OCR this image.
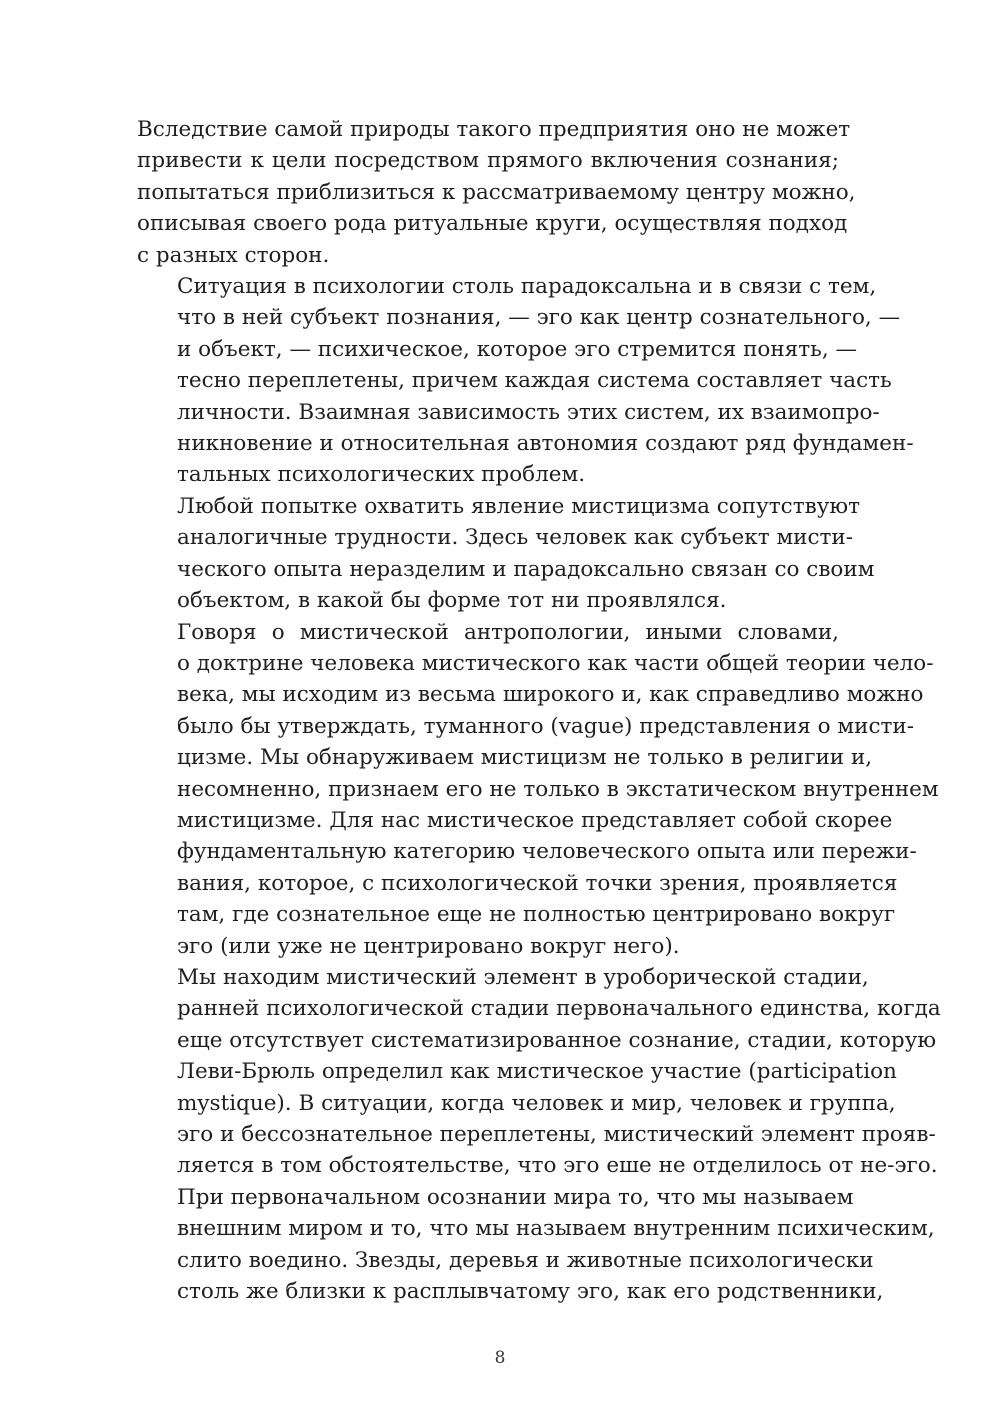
Вследствие самой природы такого предприятия оно не может
привести к цели посредством прямого включения сознания;
попытаться приблизиться к рассматриваемому центру можно,
описывая своего рода ритуальные круги, осуществляя подход
с разных сторон.

Ситуация в психологии столь парадоксальна и в связи с тем,
что в ней субъект познания, — эго как центр сознательного, —
и объект, — психическое, которое эго стремится понять, —
тесно переплетены, причем каждая система составляет часть
личности. Взаимная зависимость этих систем, их взаимопро-
никновение и относительная автономия создают ряд фундамен-
тальных психологических проблем.

Любой попытке охватить явление мистицизма сопутствуют
аналогичные трудности. Здесь человек как субъект мисти-
ческого опыта неразделим и парадоксально связан со своим
объектом, в какой бы форме тот ни проявлялся.

Говоря о мистической антропологии, иными словами,
о доктрине человека мистического как части общей теории чело-
века, мы исходим из весьма широкого и, как справедливо можно
было бы утверждать, туманного (vague) представления о мисти-
цизме. Мы обнаруживаем мистицизм не только в религии и,
несомненно, признаем его не только в экстатическом внутреннем
мистицизме. Для нас мистическое представляет собой скорее
фундаментальную категорию человеческого опыта или пережи-
вания, которое, с психологической точки зрения, проявляется
там, где сознательное еще не полностью центрировано вокруг
эго (или уже не центрировано вокруг него).

Мы находим мистический элемент в уроборической стадии,
ранней психологической стадии первоначального единства, когда
еще отсутствует систематизированное сознание, стадии, которую
Леви-Брюль определил как мистическое участие (participation
mystique). В ситуации, когда человек и мир, человек и группа,
эго и бессознательное переплетены, мистический элемент прояв-
ляется в том обстоятельстве, что эго еше не отделилось от не-эго.

При первоначальном осознании мира то, что мы называем
внешним миром и то, что мы называем внутренним психическим,
слито воедино. Звезды, деревья и животные психологически
столь же близки к расплывчатому эго, как его родственники,

8
